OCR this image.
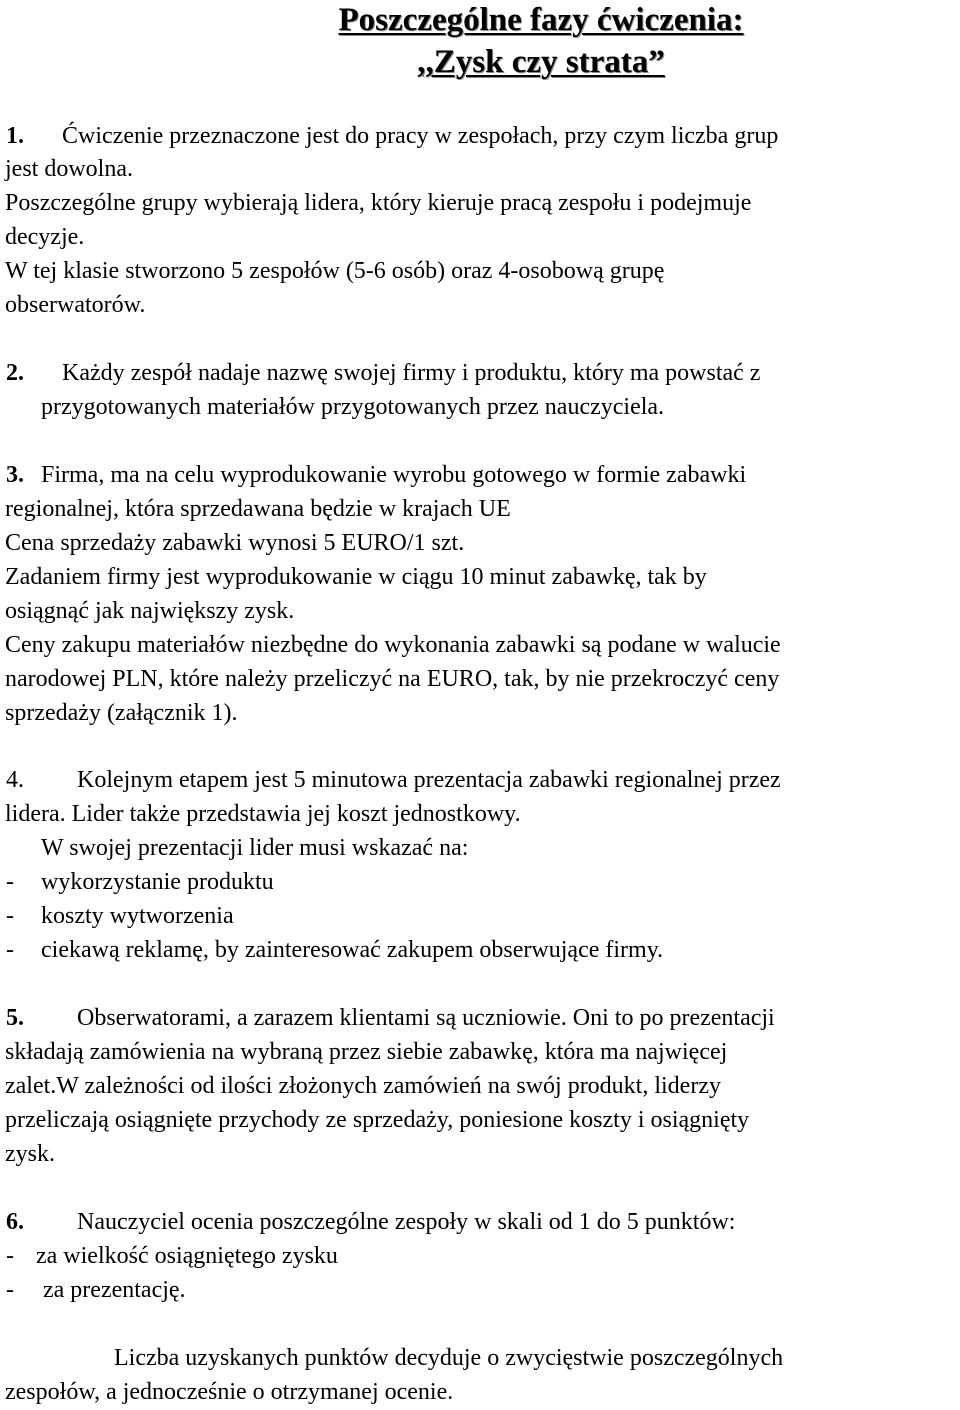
Poszczególne fazy ćwiczenia:
,,Zysk czy strata”
1. Ćwiczenie przeznaczone jest do pracy w zespołach, przy czym liczba grup

jest dowolna.

Poszczególne grupy wybierają lidera, który kieruje pracą zespołu i podejmuje

decyzje.

W tej klasie stworzono 5 zespołów (5-6 osób) oraz 4-osobową grupę

obserwatorów.

2. Każdy zespół nadaje nazwę swojej firmy i produktu, który ma powstać z

przygotowanych materiałów przygotowanych przez nauczyciela.

3. Firma, ma na celu wyprodukowanie wyrobu gotowego w formie zabawki

regionalnej, która sprzedawana będzie w krajach UE

Cena sprzedaży zabawki wynosi 5 EURO/1 szt.

Zadaniem firmy jest wyprodukowanie w ciągu 10 minut zabawkę, tak by

osiągnąć jak największy zysk.

Ceny zakupu materiałów niezbędne do wykonania zabawki są podane w walucie

narodowej PLN, które należy przeliczyć na EURO, tak, by nie przekroczyć ceny

sprzedaży (załącznik 1).

4. Kolejnym etapem jest 5 minutowa prezentacja zabawki regionalnej przez

lidera. Lider także przedstawia jej koszt jednostkowy.

W swojej prezentacji lider musi wskazać na:

- wykorzystanie produktu

- koszty wytworzenia

- ciekawą reklamę, by zainteresować zakupem obserwujące firmy.

5. Obserwatorami, a zarazem klientami są uczniowie. Oni to po prezentacji

składają zamówienia na wybraną przez siebie zabawkę, która ma najwięcej

zalet.W zależności od ilości złożonych zamówień na swój produkt, liderzy

przeliczają osiągnięte przychody ze sprzedaży, poniesione koszty i osiągnięty

zysk.

6. Nauczyciel ocenia poszczególne zespoły w skali od 1 do 5 punktów:

- za wielkość osiągniętego zysku

- za prezentację.

Liczba uzyskanych punktów decyduje o zwycięstwie poszczególnych

zespołów, a jednocześnie o otrzymanej ocenie.
